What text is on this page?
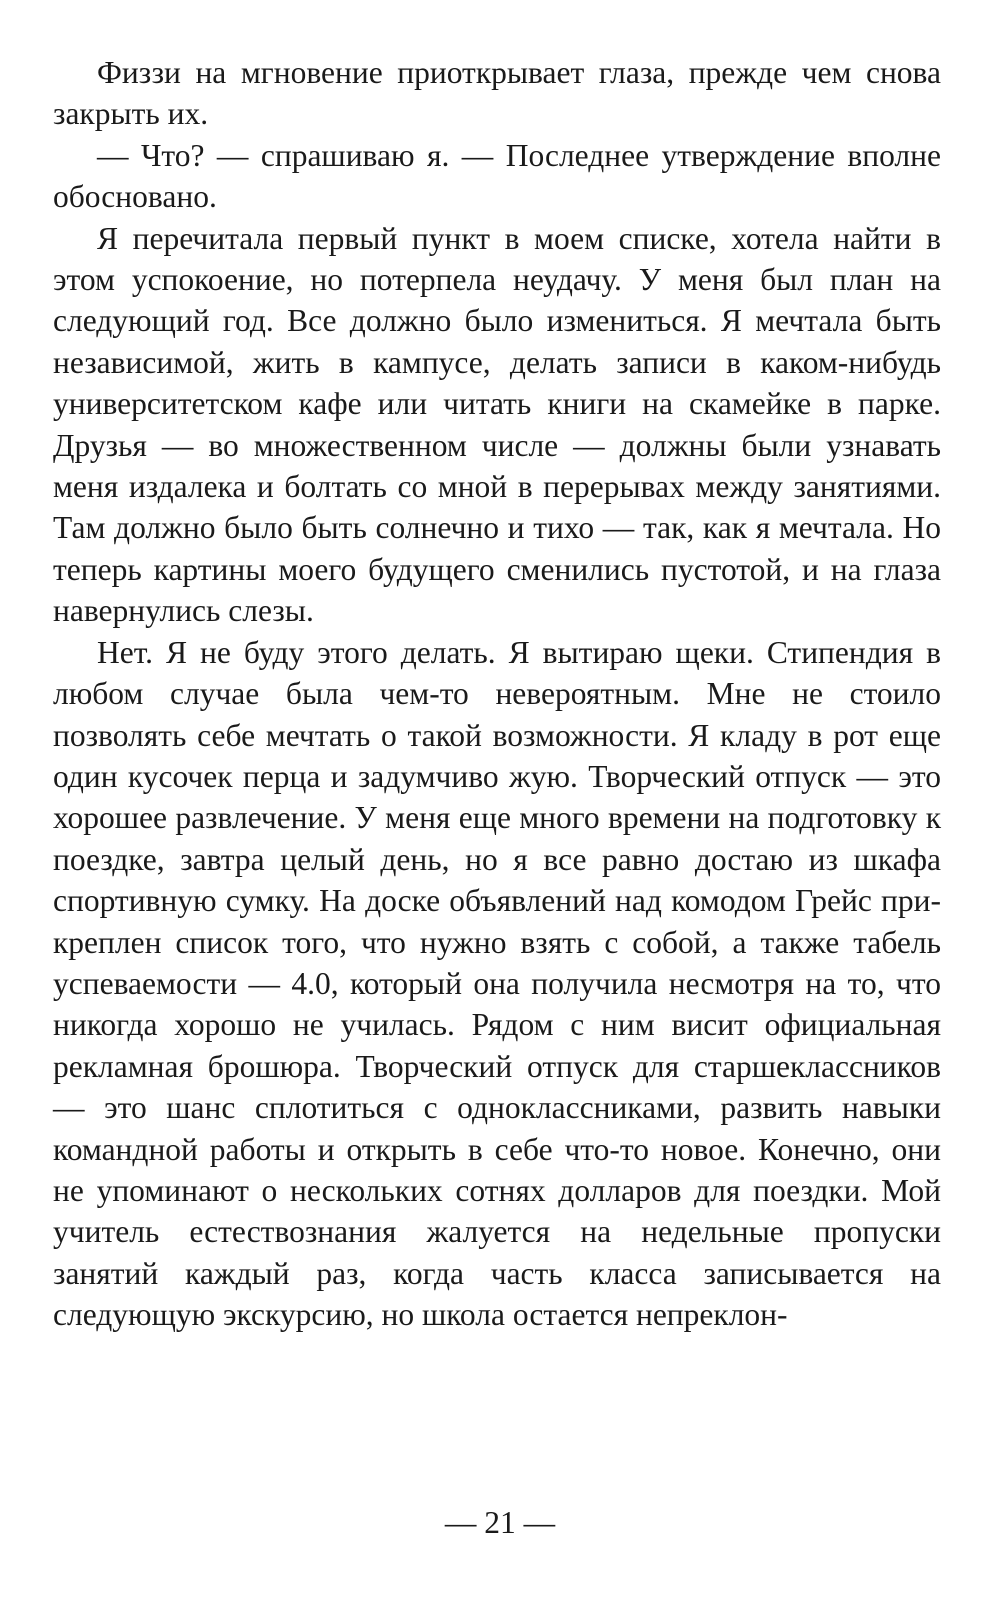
Физзи на мгновение приоткрывает глаза, прежде чем снова закрыть их.

— Что? — спрашиваю я. — Последнее утверждение вполне обосновано.

Я перечитала первый пункт в моем списке, хотела найти в этом успокоение, но потерпела неудачу. У меня был план на следующий год. Все должно было измениться. Я мечтала быть независимой, жить в кампусе, делать записи в каком-нибудь университетском кафе или читать книги на скамейке в парке. Друзья — во множественном числе — должны были узнавать меня издалека и болтать со мной в перерывах между занятиями. Там должно было быть солнечно и тихо — так, как я мечтала. Но теперь картины моего будущего сменились пустотой, и на глаза навернулись слезы.

Нет. Я не буду этого делать. Я вытираю щеки. Стипендия в любом случае была чем-то невероятным. Мне не стоило позволять себе мечтать о такой возможности. Я кладу в рот еще один кусочек перца и задумчиво жую. Творческий отпуск — это хорошее развлечение. У меня еще много времени на подготовку к поездке, завтра целый день, но я все равно достаю из шкафа спортивную сумку. На доске объявлений над комодом Грейс прикреплен список того, что нужно взять с собой, а также табель успеваемости — 4.0, который она получила несмотря на то, что никогда хорошо не училась. Рядом с ним висит официальная рекламная брошюра. Творческий отпуск для старшеклассников — это шанс сплотиться с одноклассниками, развить навыки командной работы и открыть в себе что-то новое. Конечно, они не упоминают о нескольких сотнях долларов для поездки. Мой учитель естествознания жалуется на недельные пропуски занятий каждый раз, когда часть класса записывается на следующую экскурсию, но школа остается непреклон-

— 21 —
